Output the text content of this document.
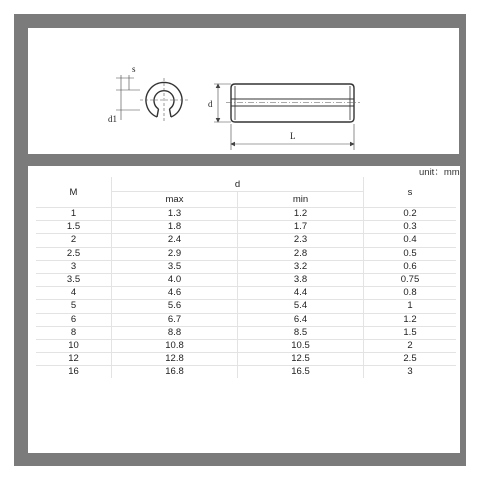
s
d1
d
L
unit：mm
M	d		s
	max	min	
1	1.3	1.2	0.2
1.5	1.8	1.7	0.3
2	2.4	2.3	0.4
2.5	2.9	2.8	0.5
3	3.5	3.2	0.6
3.5	4.0	3.8	0.75
4	4.6	4.4	0.8
5	5.6	5.4	1
6	6.7	6.4	1.2
8	8.8	8.5	1.5
10	10.8	10.5	2
12	12.8	12.5	2.5
16	16.8	16.5	3
